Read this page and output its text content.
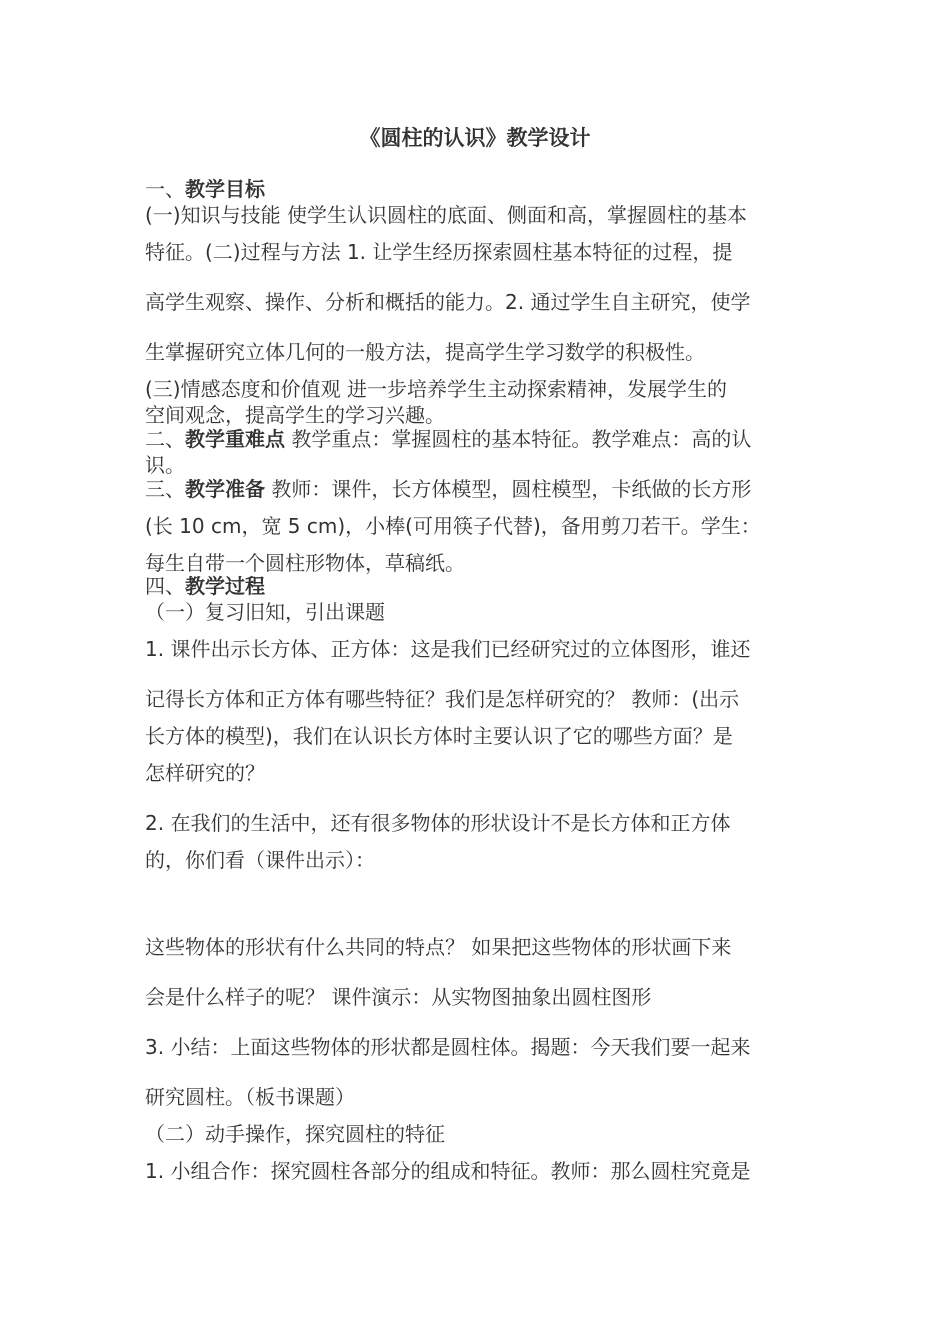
《圆柱的认识》教学设计
一、教学目标
(一)知识与技能 使学生认识圆柱的底面、侧面和高，掌握圆柱的基本
特征。(二)过程与方法 1. 让学生经历探索圆柱基本特征的过程，提
高学生观察、操作、分析和概括的能力。2. 通过学生自主研究，使学
生掌握研究立体几何的一般方法，提高学生学习数学的积极性。
(三)情感态度和价值观 进一步培养学生主动探索精神，发展学生的
空间观念，提高学生的学习兴趣。
二、教学重难点 教学重点：掌握圆柱的基本特征。教学难点：高的认
识。
三、教学准备 教师：课件，长方体模型，圆柱模型，卡纸做的长方形
(长 10 cm，宽 5 cm)，小棒(可用筷子代替)，备用剪刀若干。学生：
每生自带一个圆柱形物体，草稿纸。
四、教学过程
（一）复习旧知，引出课题
1. 课件出示长方体、正方体：这是我们已经研究过的立体图形，谁还
记得长方体和正方体有哪些特征？我们是怎样研究的？ 教师：(出示
长方体的模型)，我们在认识长方体时主要认识了它的哪些方面？是
怎样研究的？
2. 在我们的生活中，还有很多物体的形状设计不是长方体和正方体
的，你们看（课件出示）：
这些物体的形状有什么共同的特点？ 如果把这些物体的形状画下来
会是什么样子的呢？ 课件演示：从实物图抽象出圆柱图形
3. 小结：上面这些物体的形状都是圆柱体。揭题：今天我们要一起来
研究圆柱。（板书课题）
（二）动手操作，探究圆柱的特征
1. 小组合作：探究圆柱各部分的组成和特征。教师：那么圆柱究竟是
